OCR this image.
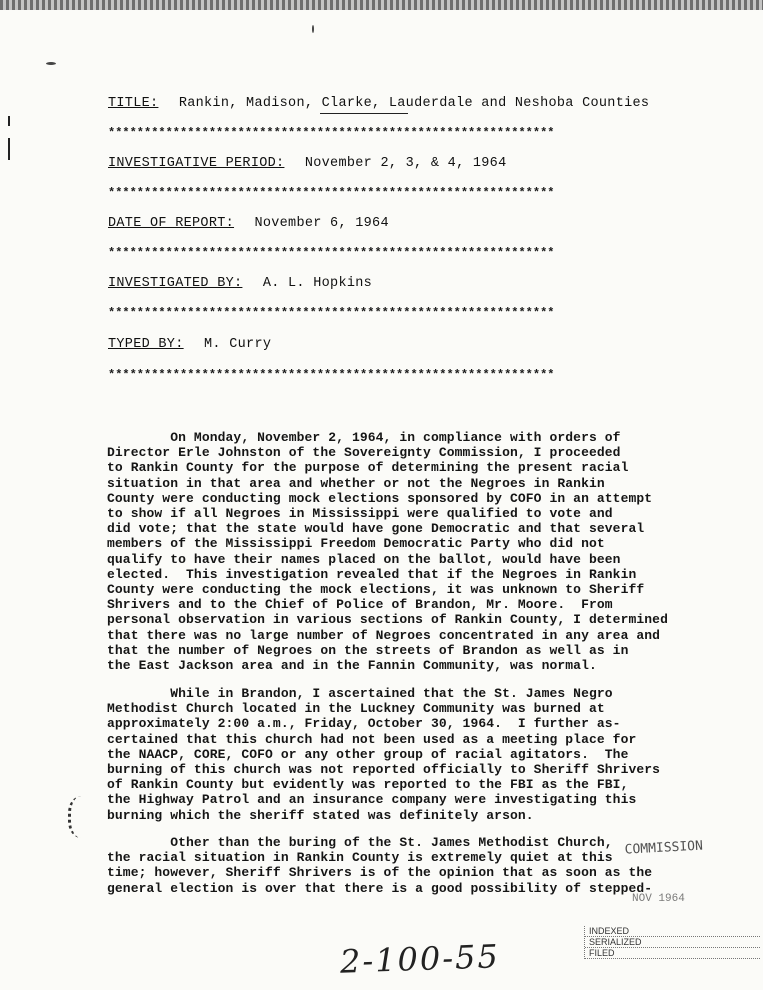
TITLE: Rankin, Madison, Clarke, Lauderdale and Neshoba Counties
**************************************************************
INVESTIGATIVE PERIOD: November 2, 3, & 4, 1964
**************************************************************
DATE OF REPORT: November 6, 1964
**************************************************************
INVESTIGATED BY: A. L. Hopkins
**************************************************************
TYPED BY: M. Curry
**************************************************************

On Monday, November 2, 1964, in compliance with orders of

Director Erle Johnston of the Sovereignty Commission, I proceeded

to Rankin County for the purpose of determining the present racial

situation in that area and whether or not the Negroes in Rankin

County were conducting mock elections sponsored by COFO in an attempt

to show if all Negroes in Mississippi were qualified to vote and

did vote; that the state would have gone Democratic and that several

members of the Mississippi Freedom Democratic Party who did not

qualify to have their names placed on the ballot, would have been

elected.  This investigation revealed that if the Negroes in Rankin

County were conducting the mock elections, it was unknown to Sheriff

Shrivers and to the Chief of Police of Brandon, Mr. Moore.  From

personal observation in various sections of Rankin County, I determined

that there was no large number of Negroes concentrated in any area and

that the number of Negroes on the streets of Brandon as well as in

the East Jackson area and in the Fannin Community, was normal.

While in Brandon, I ascertained that the St. James Negro

Methodist Church located in the Luckney Community was burned at

approximately 2:00 a.m., Friday, October 30, 1964.  I further as-

certained that this church had not been used as a meeting place for

the NAACP, CORE, COFO or any other group of racial agitators.  The

burning of this church was not reported officially to Sheriff Shrivers

of Rankin County but evidently was reported to the FBI as the FBI,

the Highway Patrol and an insurance company were investigating this

burning which the sheriff stated was definitely arson.

Other than the buring of the St. James Methodist Church,

the racial situation in Rankin County is extremely quiet at this

time; however, Sheriff Shrivers is of the opinion that as soon as the

general election is over that there is a good possibility of stepped-

COMMISSION
NOV 1964
INDEXED
SERIALIZED
FILED
2-100-55
